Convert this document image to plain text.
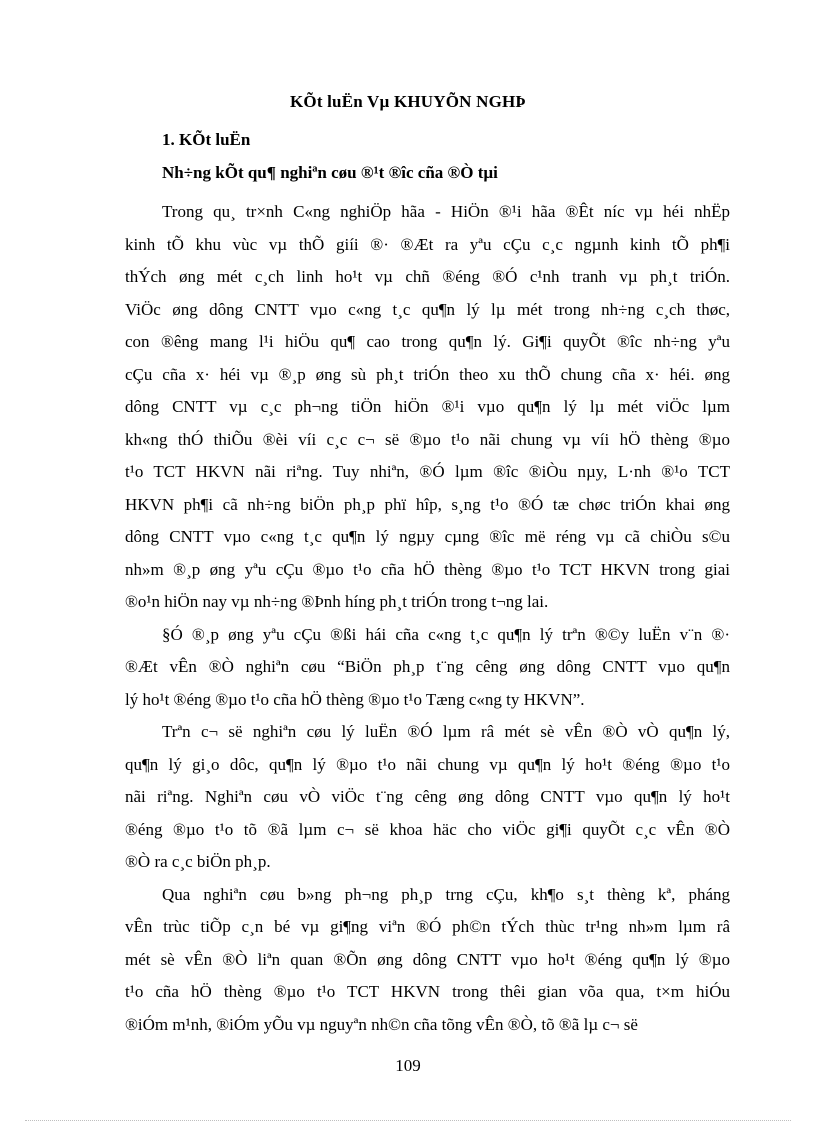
KÕt luËn Vµ KHUYÕN NGHÞ
1. KÕt luËn
Nh÷ng kÕt qu¶ nghiªn cøu ®¹t ®îc cña ®Ò tµi
Trong qu¸ tr×nh C«ng nghiÖp hãa - HiÖn ®¹i hãa ®Êt níc vµ héi nhËp
kinh tÕ khu vùc vµ thÕ giíi ®· ®Æt ra yªu cÇu c¸c ngµnh kinh tÕ ph¶i
thÝch øng mét c¸ch linh ho¹t vµ chñ ®éng ®Ó c¹nh tranh vµ ph¸t triÓn.
ViÖc øng dông CNTT vµo c«ng t¸c qu¶n lý lµ mét trong nh÷ng c¸ch thøc,
con ®êng mang l¹i hiÖu qu¶ cao trong qu¶n lý. Gi¶i quyÕt ®îc nh÷ng yªu
cÇu cña x· héi vµ ®¸p øng sù ph¸t triÓn theo xu thÕ chung cña x· héi. øng
dông CNTT vµ c¸c ph¬ng tiÖn hiÖn ®¹i vµo qu¶n lý lµ mét viÖc lµm
kh«ng thÓ thiÕu ®èi víi c¸c c¬ së ®µo t¹o nãi chung vµ víi hÖ thèng ®µo
t¹o TCT HKVN nãi riªng. Tuy nhiªn, ®Ó lµm ®îc ®iÒu nµy, L·nh ®¹o TCT
HKVN ph¶i cã nh÷ng biÖn ph¸p phï hîp, s¸ng t¹o ®Ó tæ chøc triÓn khai øng
dông CNTT vµo c«ng t¸c qu¶n lý ngµy cµng ®îc më réng vµ cã chiÒu s©u
nh»m ®¸p øng yªu cÇu ®µo t¹o cña hÖ thèng ®µo t¹o TCT HKVN trong giai
®o¹n hiÖn nay vµ nh÷ng ®Þnh híng ph¸t triÓn trong t¬ng lai.
§Ó ®¸p øng yªu cÇu ®ßi hái cña c«ng t¸c qu¶n lý trªn ®©y luËn v¨n ®·
®Æt vÊn ®Ò nghiªn cøu “BiÖn ph¸p t¨ng cêng øng dông CNTT vµo qu¶n
lý ho¹t ®éng ®µo t¹o cña hÖ thèng ®µo t¹o Tæng c«ng ty HKVN”.
Trªn c¬ së nghiªn cøu lý luËn ®Ó lµm râ mét sè vÊn ®Ò vÒ qu¶n lý,
qu¶n lý gi¸o dôc, qu¶n lý ®µo t¹o nãi chung vµ qu¶n lý ho¹t ®éng ®µo t¹o
nãi riªng. Nghiªn cøu vÒ viÖc t¨ng cêng øng dông CNTT vµo qu¶n lý ho¹t
®éng ®µo t¹o tõ ®ã lµm c¬ së khoa häc cho viÖc gi¶i quyÕt c¸c vÊn ®Ò
®Ò ra c¸c biÖn ph¸p.
Qua nghiªn cøu b»ng ph¬ng ph¸p trng cÇu, kh¶o s¸t thèng kª, pháng
vÊn trùc tiÕp c¸n bé vµ gi¶ng viªn ®Ó ph©n tÝch thùc tr¹ng nh»m lµm râ
mét sè vÊn ®Ò liªn quan ®Õn øng dông CNTT vµo ho¹t ®éng qu¶n lý ®µo
t¹o cña hÖ thèng ®µo t¹o TCT HKVN trong thêi gian võa qua, t×m hiÓu
®iÓm m¹nh, ®iÓm yÕu vµ nguyªn nh©n cña tõng vÊn ®Ò, tõ ®ã lµ c¬ së
109
